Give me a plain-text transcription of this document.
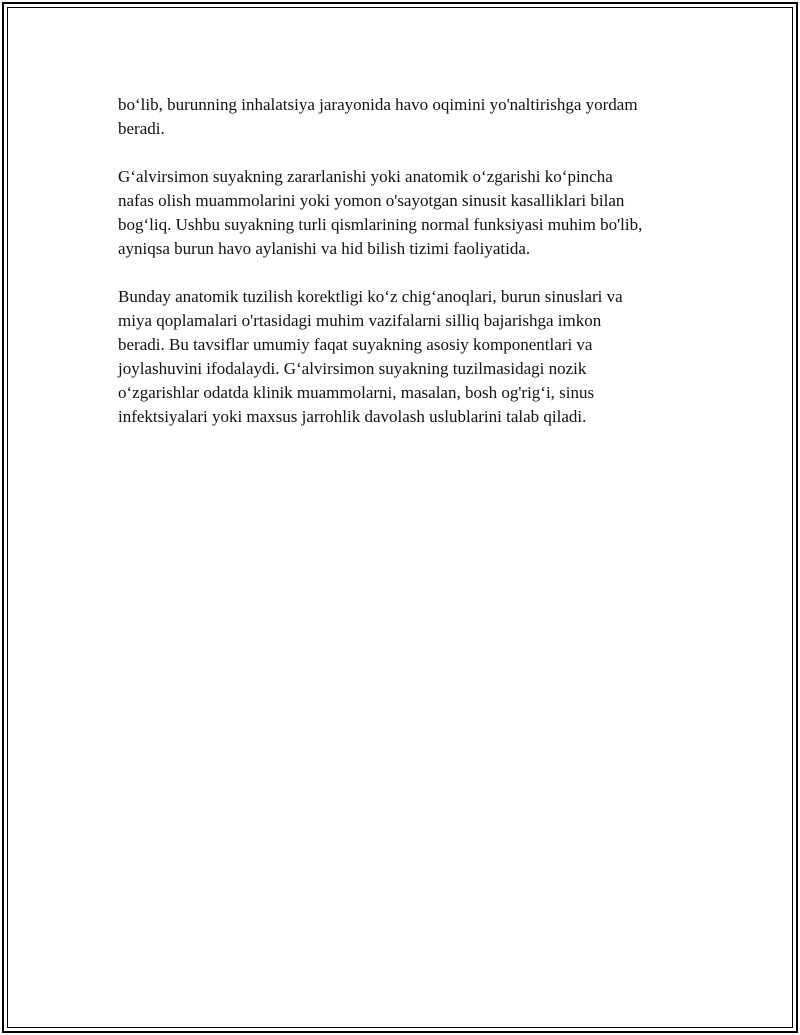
bo‘lib, burunning inhalatsiya jarayonida havo oqimini yo'naltirishga yordam
beradi.

G‘alvirsimon suyakning zararlanishi yoki anatomik o‘zgarishi ko‘pincha
nafas olish muammolarini yoki yomon o'sayotgan sinusit kasalliklari bilan
bog‘liq. Ushbu suyakning turli qismlarining normal funksiyasi muhim bo'lib,
ayniqsa burun havo aylanishi va hid bilish tizimi faoliyatida.

Bunday anatomik tuzilish korektligi ko‘z chig‘anoqlari, burun sinuslari va
miya qoplamalari o'rtasidagi muhim vazifalarni silliq bajarishga imkon
beradi. Bu tavsiflar umumiy faqat suyakning asosiy komponentlari va
joylashuvini ifodalaydi. G‘alvirsimon suyakning tuzilmasidagi nozik
o‘zgarishlar odatda klinik muammolarni, masalan, bosh og'rig‘i, sinus
infektsiyalari yoki maxsus jarrohlik davolash uslublarini talab qiladi.
